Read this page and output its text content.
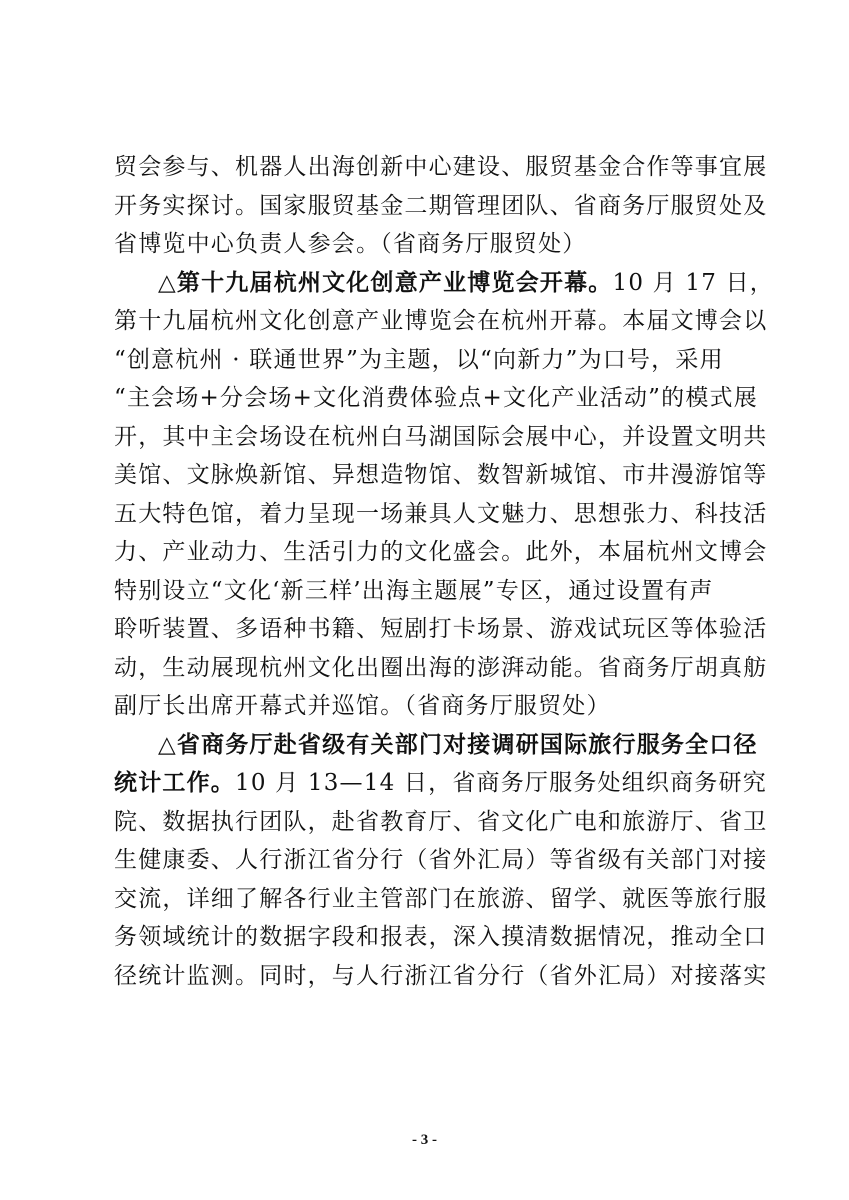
贸会参与、机器人出海创新中心建设、服贸基金合作等事宜展
开务实探讨。国家服贸基金二期管理团队、省商务厅服贸处及
省博览中心负责人参会。（省商务厅服贸处）
△第十九届杭州文化创意产业博览会开幕。10 月 17 日，
第十九届杭州文化创意产业博览会在杭州开幕。本届文博会以
“创意杭州 · 联通世界”为主题，以“向新力”为口号，采用
“主会场+分会场+文化消费体验点+文化产业活动”的模式展
开，其中主会场设在杭州白马湖国际会展中心，并设置文明共
美馆、文脉焕新馆、异想造物馆、数智新城馆、市井漫游馆等
五大特色馆，着力呈现一场兼具人文魅力、思想张力、科技活
力、产业动力、生活引力的文化盛会。此外，本届杭州文博会
特别设立“文化‘新三样’出海主题展”专区，通过设置有声
聆听装置、多语种书籍、短剧打卡场景、游戏试玩区等体验活
动，生动展现杭州文化出圈出海的澎湃动能。省商务厅胡真舫
副厅长出席开幕式并巡馆。（省商务厅服贸处）
△省商务厅赴省级有关部门对接调研国际旅行服务全口径
统计工作。10 月 13—14 日，省商务厅服务处组织商务研究
院、数据执行团队，赴省教育厅、省文化广电和旅游厅、省卫
生健康委、人行浙江省分行（省外汇局）等省级有关部门对接
交流，详细了解各行业主管部门在旅游、留学、就医等旅行服
务领域统计的数据字段和报表，深入摸清数据情况，推动全口
径统计监测。同时，与人行浙江省分行（省外汇局）对接落实
- 3 -
